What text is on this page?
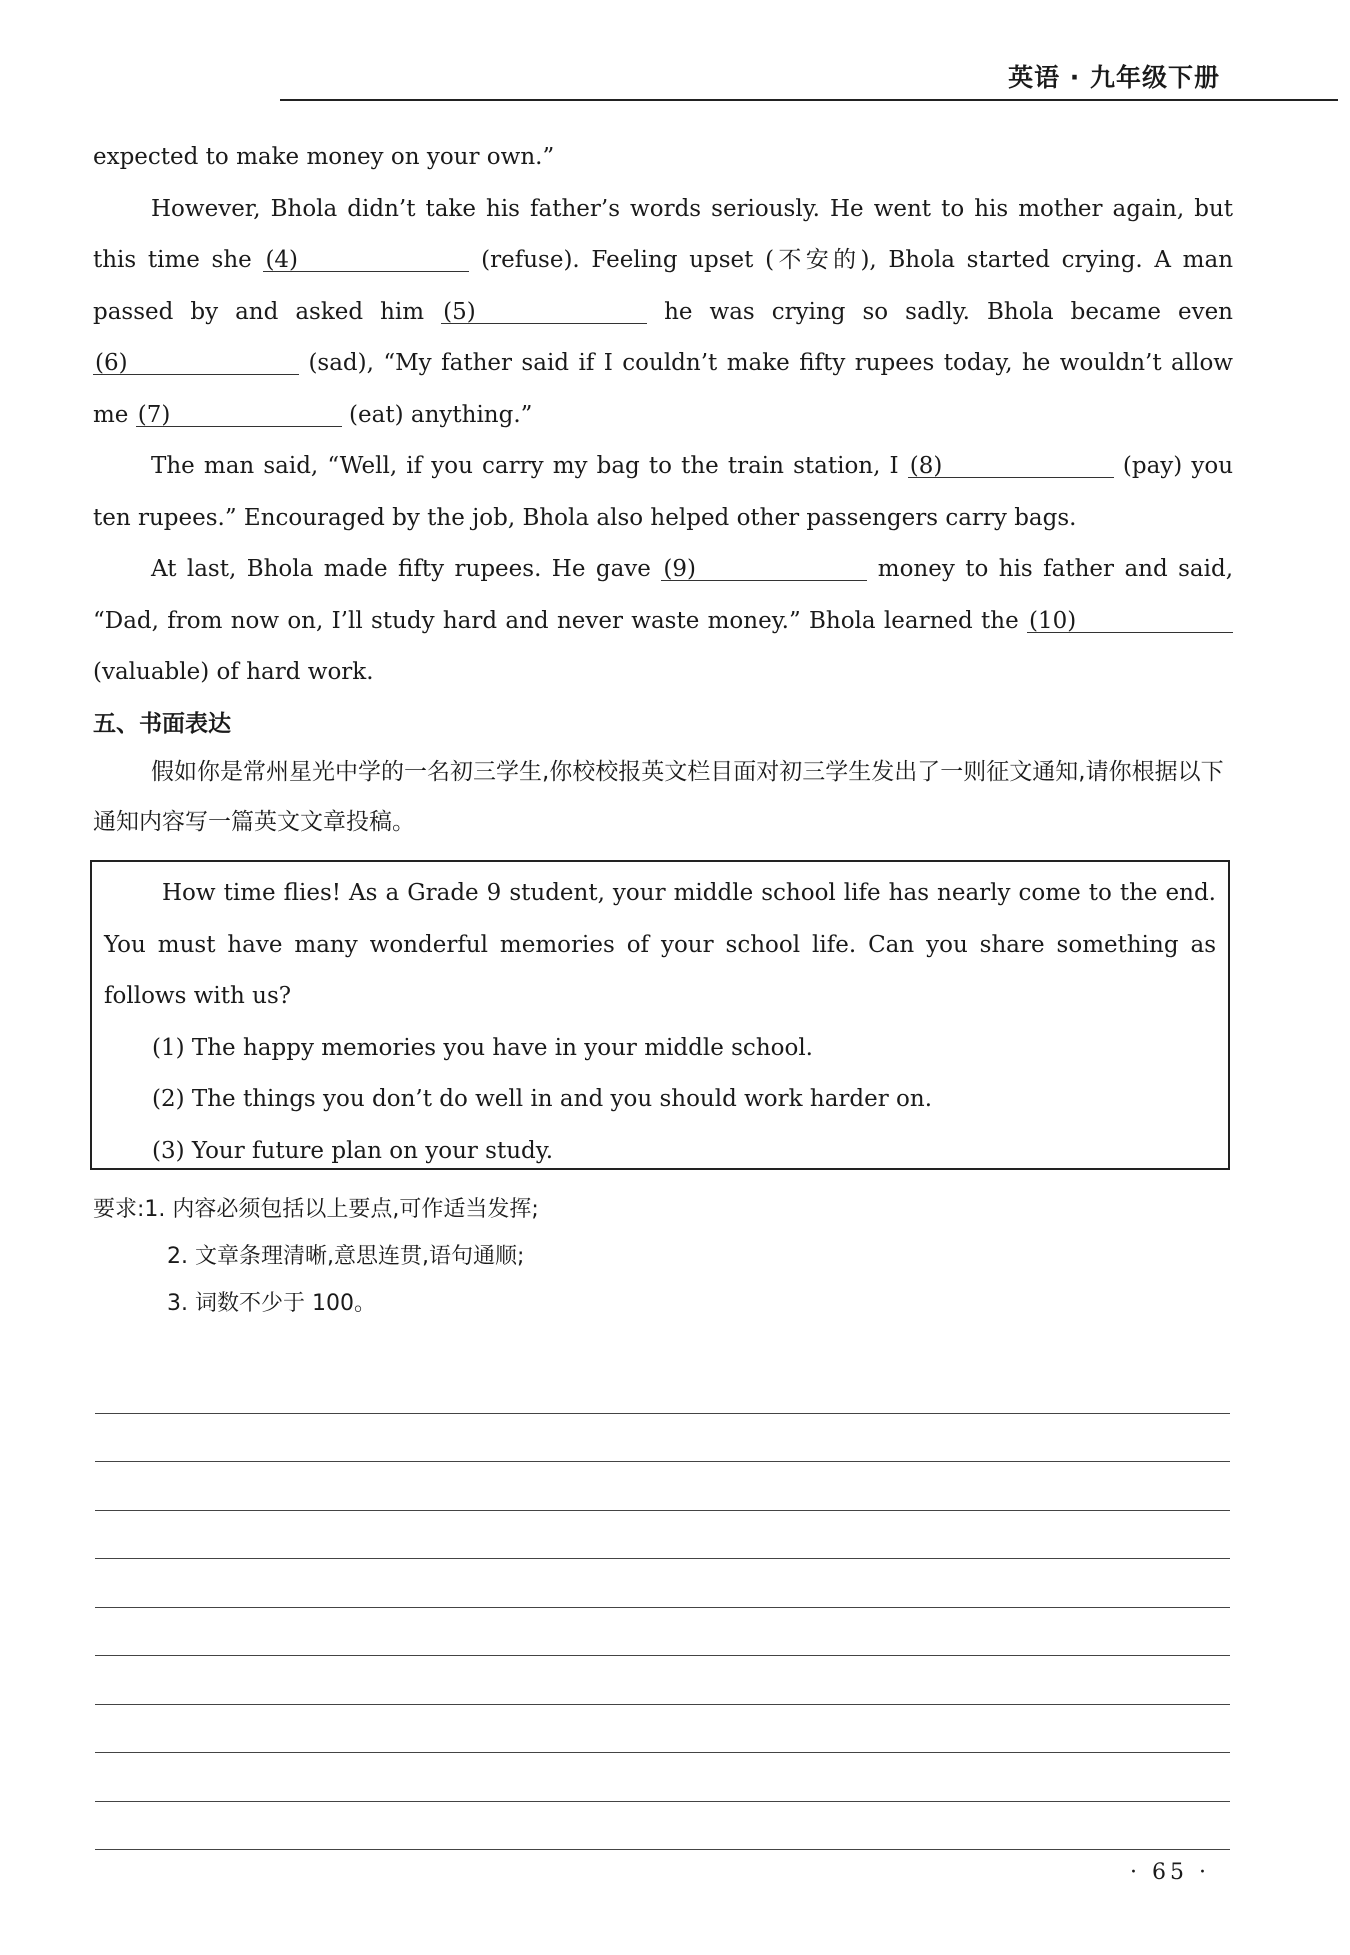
英语 · 九年级下册

expected to make money on your own.”

However, Bhola didn’t take his father’s words seriously. He went to his mother again, but this time she (4)	(refuse). Feeling upset (不安的), Bhola started crying. A man passed by and asked him (5)	he was crying so sadly. Bhola became even (6)	(sad), “My father said if I couldn’t make fifty rupees today, he wouldn’t allow me (7)	(eat) anything.”

The man said, “Well, if you carry my bag to the train station, I (8)	(pay) you ten rupees.” Encouraged by the job, Bhola also helped other passengers carry bags.

At last, Bhola made fifty rupees. He gave (9)	money to his father and said, “Dad, from now on, I’ll study hard and never waste money.” Bhola learned the (10) (valuable) of hard work.

五、书面表达

假如你是常州星光中学的一名初三学生,你校校报英文栏目面对初三学生发出了一则征文通知,请你根据以下通知内容写一篇英文文章投稿。

How time flies! As a Grade 9 student, your middle school life has nearly come to the end. You must have many wonderful memories of your school life. Can you share something as follows with us?

(1) The happy memories you have in your middle school.

(2) The things you don’t do well in and you should work harder on.

(3) Your future plan on your study.

要求:1. 内容必须包括以上要点,可作适当发挥;
2. 文章条理清晰,意思连贯,语句通顺;
3. 词数不少于 100。
· 65 ·
